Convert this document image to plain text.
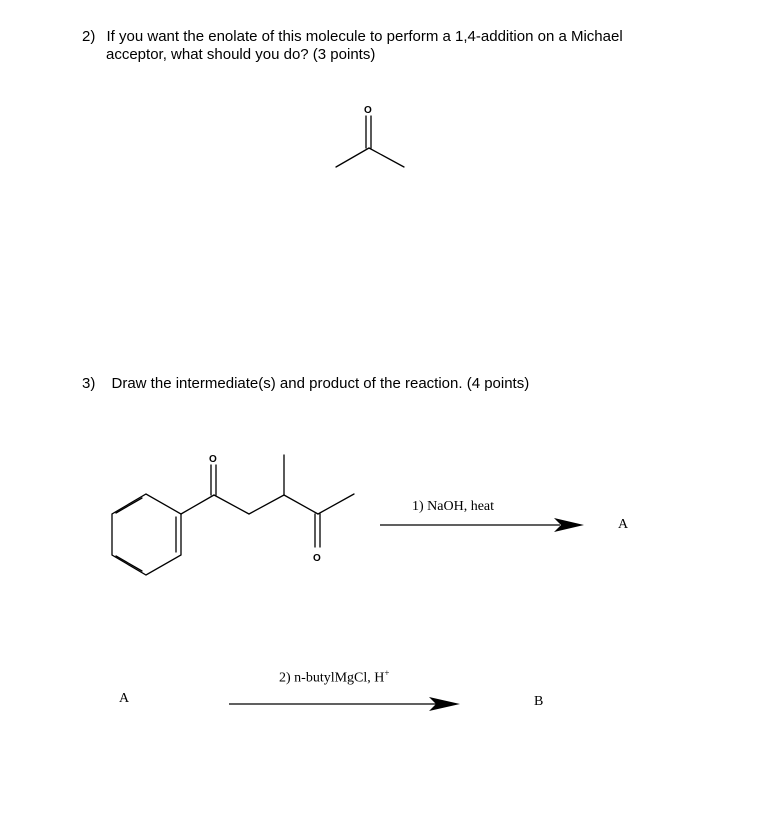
2) If you want the enolate of this molecule to perform a 1,4-addition on a Michael
acceptor, what should you do? (3 points)
O
3) Draw the intermediate(s) and product of the reaction. (4 points)
O
O
1) NaOH, heat
A
A
2) n-butylMgCl, H+
B
